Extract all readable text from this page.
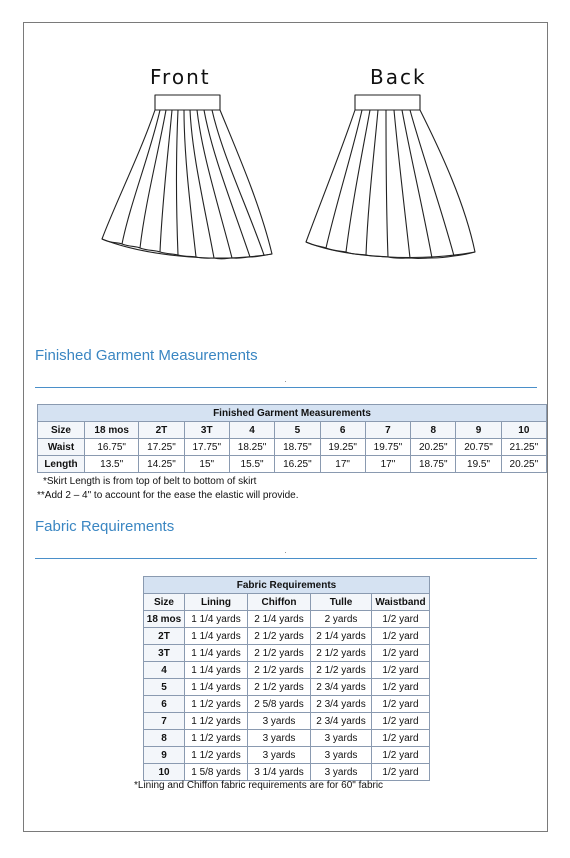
Front	Back
Finished Garment Measurements
Finished Garment Measurements										
Size	18 mos	2T	3T	4	5	6	7	8	9	10
Waist	16.75"	17.25"	17.75"	18.25"	18.75"	19.25"	19.75"	20.25"	20.75"	21.25"
Length	13.5"	14.25"	15"	15.5"	16.25"	17"	17"	18.75"	19.5"	20.25"
*Skirt Length is from top of belt to bottom of skirt
**Add 2 – 4" to account for the ease the elastic will provide.
Fabric Requirements
Fabric Requirements				
Size	Lining	Chiffon	Tulle	Waistband
18 mos	1 1/4 yards	2 1/4 yards	2 yards	1/2 yard
2T	1 1/4 yards	2 1/2 yards	2 1/4 yards	1/2 yard
3T	1 1/4 yards	2 1/2 yards	2 1/2 yards	1/2 yard
4	1 1/4 yards	2 1/2 yards	2 1/2 yards	1/2 yard
5	1 1/4 yards	2 1/2 yards	2 3/4 yards	1/2 yard
6	1 1/2 yards	2 5/8 yards	2 3/4 yards	1/2 yard
7	1 1/2 yards	3 yards	2 3/4 yards	1/2 yard
8	1 1/2 yards	3 yards	3 yards	1/2 yard
9	1 1/2 yards	3 yards	3 yards	1/2 yard
10	1 5/8 yards	3 1/4 yards	3 yards	1/2 yard
*Lining and Chiffon fabric requirements are for 60" fabric
